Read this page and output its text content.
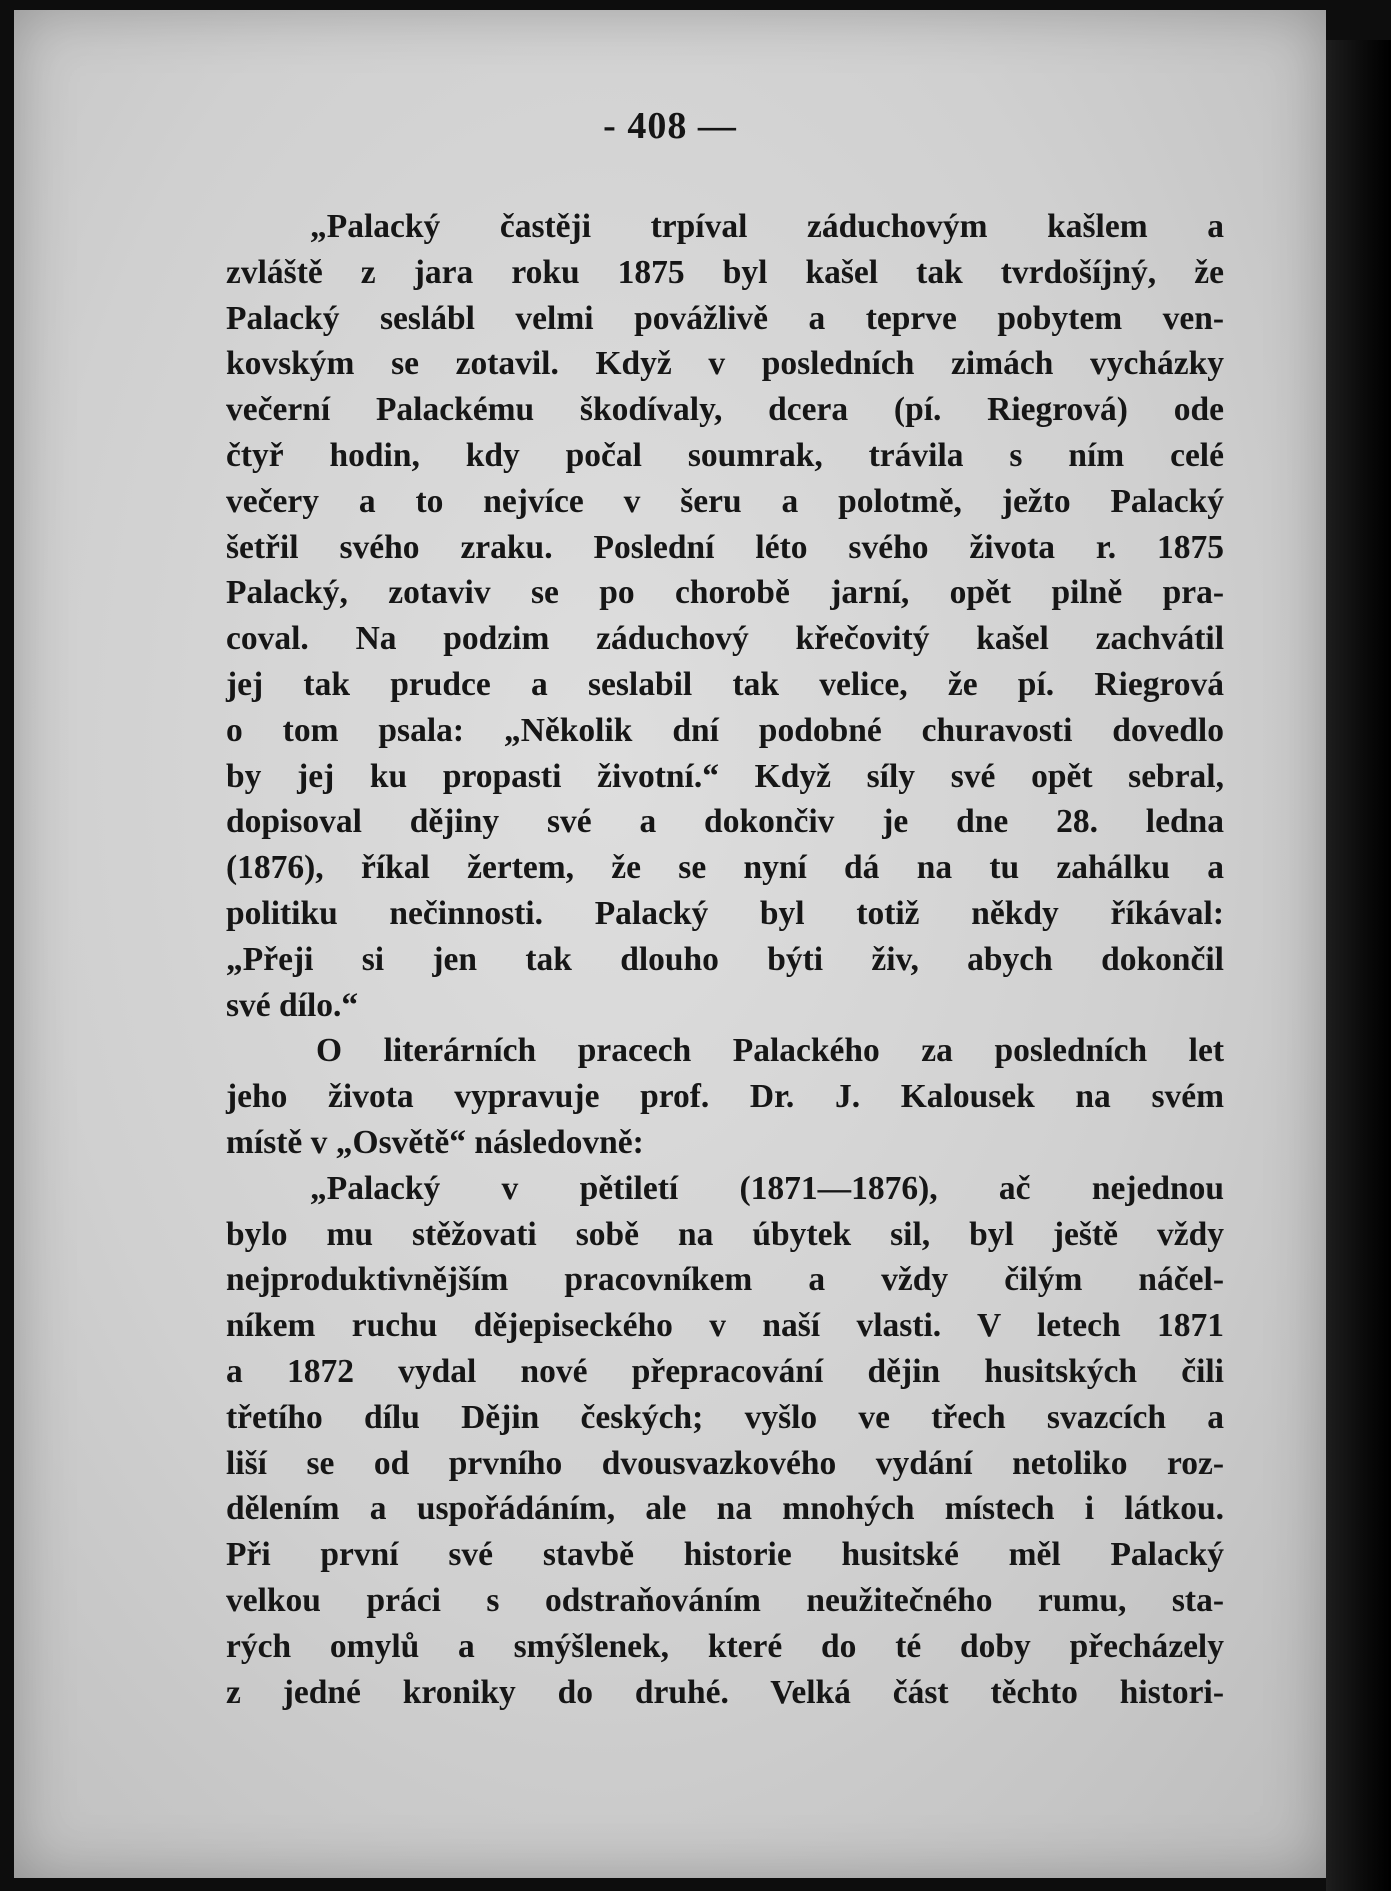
- 408 —
„Palacký častěji trpíval záduchovým kašlem a
zvláště z jara roku 1875 byl kašel tak tvrdošíjný, že
Palacký seslábl velmi povážlivě a teprve pobytem ven-
kovským se zotavil. Když v posledních zimách vycházky
večerní Palackému škodívaly, dcera (pí. Riegrová) ode
čtyř hodin, kdy počal soumrak, trávila s ním celé
večery a to nejvíce v šeru a polotmě, ježto Palacký
šetřil svého zraku. Poslední léto svého života r. 1875
Palacký, zotaviv se po chorobě jarní, opět pilně pra-
coval. Na podzim záduchový křečovitý kašel zachvátil
jej tak prudce a seslabil tak velice, že pí. Riegrová
o tom psala: „Několik dní podobné churavosti dovedlo
by jej ku propasti životní.“ Když síly své opět sebral,
dopisoval dějiny své a dokončiv je dne 28. ledna
(1876), říkal žertem, že se nyní dá na tu zahálku a
politiku nečinnosti. Palacký byl totiž někdy říkával:
„Přeji si jen tak dlouho býti živ, abych dokončil
své dílo.“
O literárních pracech Palackého za posledních let
jeho života vypravuje prof. Dr. J. Kalousek na svém
místě v „Osvětě“ následovně:
„Palacký v pětiletí (1871—1876), ač nejednou
bylo mu stěžovati sobě na úbytek sil, byl ještě vždy
nejproduktivnějším pracovníkem a vždy čilým náčel-
níkem ruchu dějepiseckého v naší vlasti. V letech 1871
a 1872 vydal nové přepracování dějin husitských čili
třetího dílu Dějin českých; vyšlo ve třech svazcích a
liší se od prvního dvousvazkového vydání netoliko roz-
dělením a uspořádáním, ale na mnohých místech i látkou.
Při první své stavbě historie husitské měl Palacký
velkou práci s odstraňováním neužitečného rumu, sta-
rých omylů a smýšlenek, které do té doby přecházely
z jedné kroniky do druhé. Velká část těchto histori-
